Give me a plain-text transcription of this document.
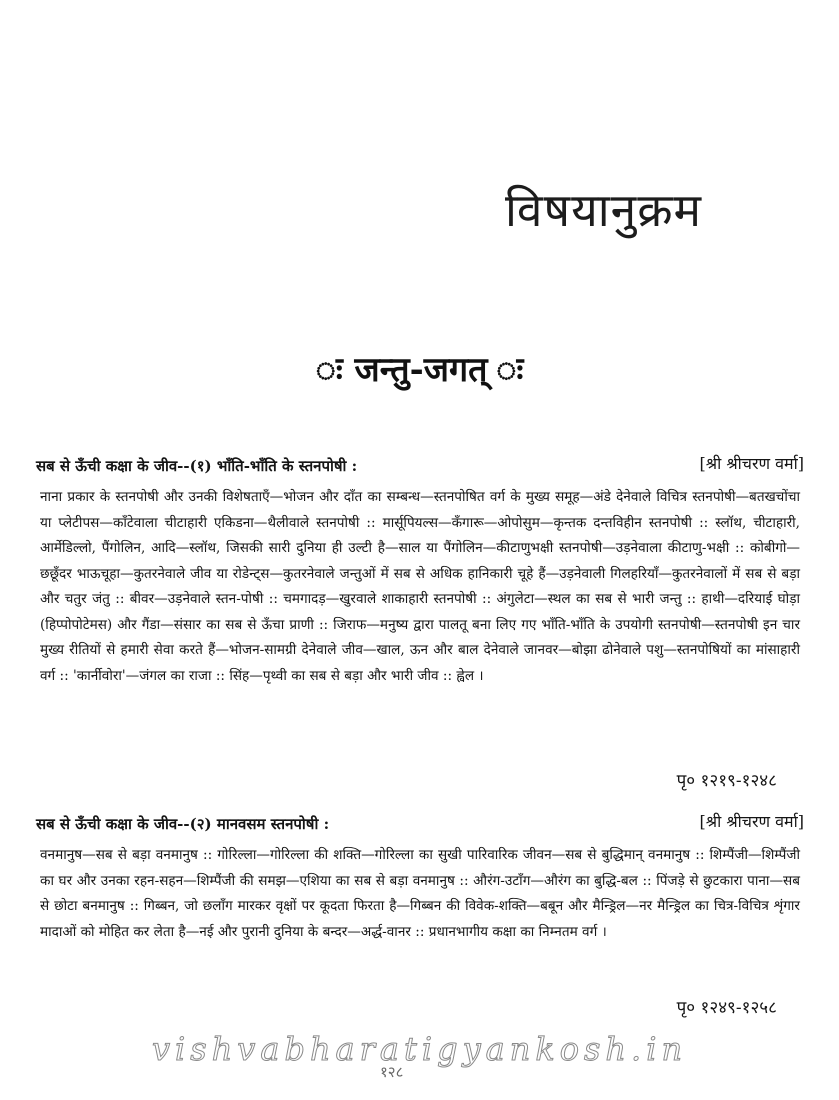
विषयानुक्रम
ः जन्तु-जगत् ः
सब से ऊँची कक्षा के जीव--(१) भाँति-भाँति के स्तनपोषी :	[श्री श्रीचरण वर्मा]

नाना प्रकार के स्तनपोषी और उनकी विशेषताएँ—भोजन और दाँत का सम्बन्ध—स्तनपोषित वर्ग के मुख्य समूह—अंडे देनेवाले विचित्र स्तनपोषी—बतखचोंचा या प्लेटीपस—काँटेवाला चीटाहारी एकिडना—थैलीवाले स्तनपोषी :: मार्सूपियल्स—कँगारू—ओपोसुम—कृन्तक दन्तविहीन स्तनपोषी :: स्लॉथ, चीटाहारी, आर्मेडिल्लो, पैंगोलिन, आदि—स्लॉथ, जिसकी सारी दुनिया ही उल्टी है—साल या पैंगोलिन—कीटाणुभक्षी स्तनपोषी—उड़नेवाला कीटाणु-भक्षी :: कोबीगो—छछूँदर भाऊचूहा—कुतरनेवाले जीव या रोडेन्ट्स—कुतरनेवाले जन्तुओं में सब से अधिक हानिकारी चूहे हैं—उड़नेवाली गिलहरियाँ—कुतरनेवालों में सब से बड़ा और चतुर जंतु :: बीवर—उड़नेवाले स्तन-पोषी :: चमगादड़—खुरवाले शाकाहारी स्तनपोषी :: अंगुलेटा—स्थल का सब से भारी जन्तु :: हाथी—दरियाई घोड़ा (हिप्पोपोटेमस) और गैंडा—संसार का सब से ऊँचा प्राणी :: जिराफ—मनुष्य द्वारा पालतू बना लिए गए भाँति-भाँति के उपयोगी स्तनपोषी—स्तनपोषी इन चार मुख्य रीतियों से हमारी सेवा करते हैं—भोजन-सामग्री देनेवाले जीव—खाल, ऊन और बाल देनेवाले जानवर—बोझा ढोनेवाले पशु—स्तनपोषियों का मांसाहारी वर्ग :: 'कार्नीवोरा'—जंगल का राजा :: सिंह—पृथ्वी का सब से बड़ा और भारी जीव :: ह्वेल ।

पृ० १२१९-१२४८
सब से ऊँची कक्षा के जीव--(२) मानवसम स्तनपोषी :	[श्री श्रीचरण वर्मा]

वनमानुष—सब से बड़ा वनमानुष :: गोरिल्ला—गोरिल्ला की शक्ति—गोरिल्ला का सुखी पारिवारिक जीवन—सब से बुद्धिमान् वनमानुष :: शिम्पैंजी—शिम्पैंजी का घर और उनका रहन-सहन—शिम्पैंजी की समझ—एशिया का सब से बड़ा वनमानुष :: औरंग-उटाँग—औरंग का बुद्धि-बल :: पिंजड़े से छुटकारा पाना—सब से छोटा बनमानुष :: गिब्बन, जो छलाँग मारकर वृक्षों पर कूदता फिरता है—गिब्बन की विवेक-शक्ति—बबून और मैन्ड्रिल—नर मैन्ड्रिल का चित्र-विचित्र शृंगार मादाओं को मोहित कर लेता है—नई और पुरानी दुनिया के बन्दर—अर्द्ध-वानर :: प्रधानभागीय कक्षा का निम्नतम वर्ग ।

पृ० १२४९-१२५८
vishvabharatigyankosh.in
१२८
